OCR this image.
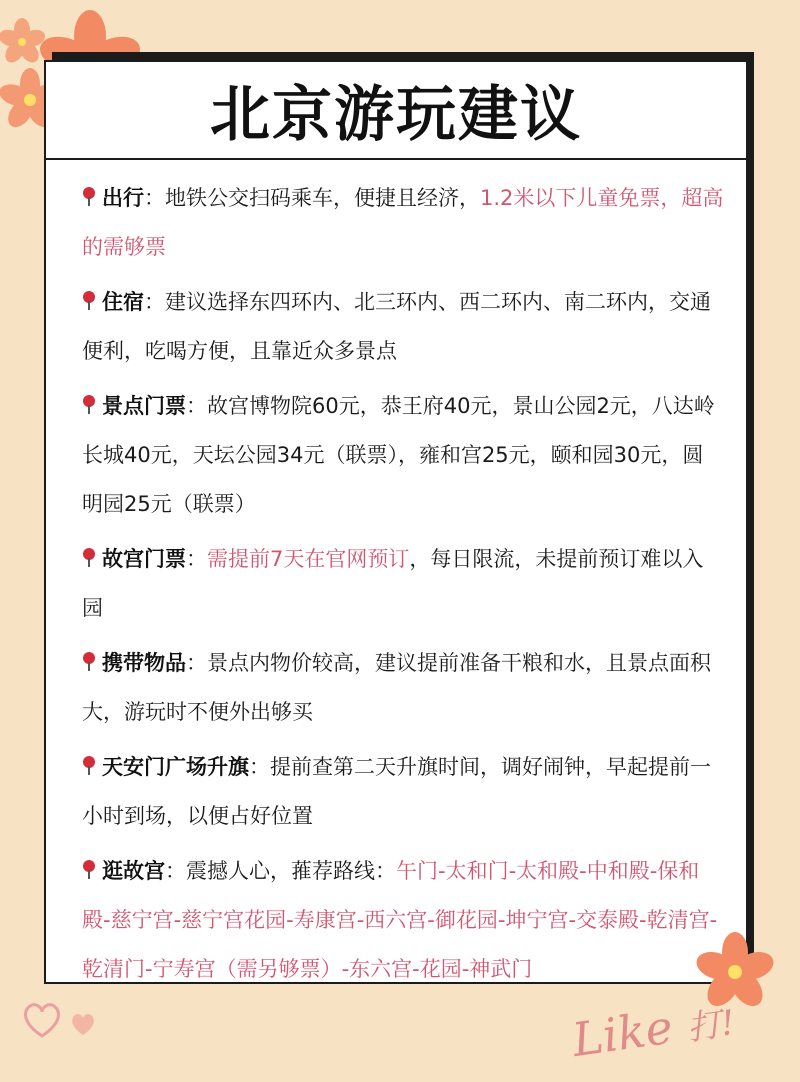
北京游玩建议
出行：地铁公交扫码乘车，便捷且经济，1.2米以下儿童免票，超高的需够票
住宿：建议选择东四环内、北三环内、西二环内、南二环内，交通便利，吃喝方便，且靠近众多景点
景点门票：故宫博物院60元，恭王府40元，景山公园2元，八达岭长城40元，天坛公园34元（联票），雍和宫25元，颐和园30元，圆明园25元（联票）
故宫门票：需提前7天在官网预订，每日限流，未提前预订难以入园
携带物品：景点内物价较高，建议提前准备干粮和水，且景点面积大，游玩时不便外出够买
天安门广场升旗：提前查第二天升旗时间，调好闹钟，早起提前一小时到场，以便占好位置
逛故宫：震撼人心，蓷荐路线：午门-太和门-太和殿-中和殿-保和殿-慈宁宫-慈宁宫花园-寿康宫-西六宫-御花园-坤宁宫-交泰殿-乾清宫-乾清门-宁寿宫（需另够票）-东六宫-花园-神武门
Like 打!
